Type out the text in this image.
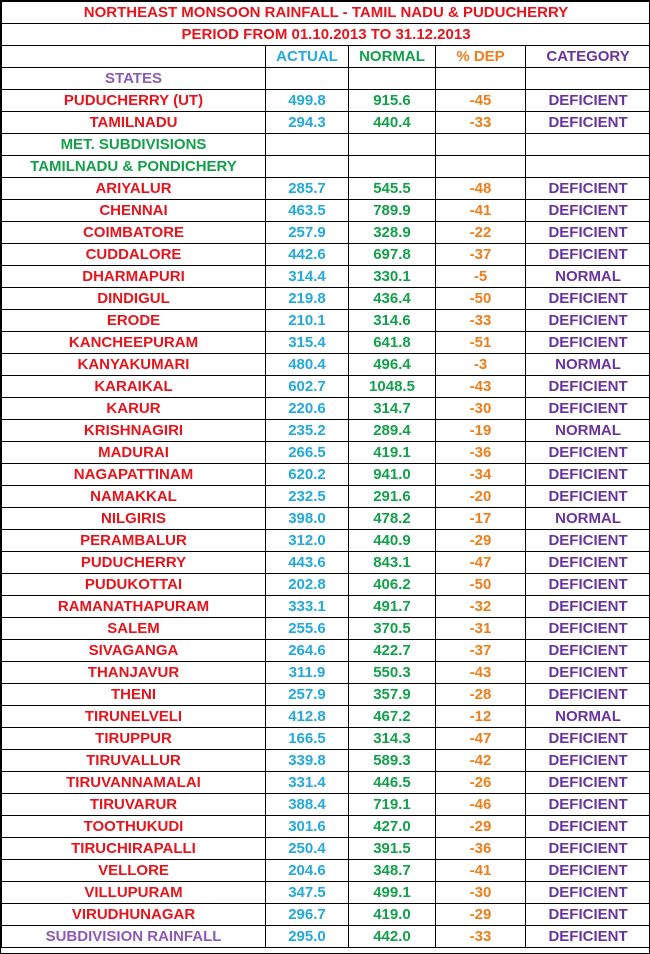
NORTHEAST MONSOON RAINFALL - TAMIL NADU & PUDUCHERRY				
PERIOD FROM 01.10.2013 TO 31.12.2013				
	ACTUAL	NORMAL	% DEP	CATEGORY
STATES				
PUDUCHERRY (UT)	499.8	915.6	-45	DEFICIENT
TAMILNADU	294.3	440.4	-33	DEFICIENT
MET. SUBDIVISIONS				
TAMILNADU & PONDICHERY				
ARIYALUR	285.7	545.5	-48	DEFICIENT
CHENNAI	463.5	789.9	-41	DEFICIENT
COIMBATORE	257.9	328.9	-22	DEFICIENT
CUDDALORE	442.6	697.8	-37	DEFICIENT
DHARMAPURI	314.4	330.1	-5	NORMAL
DINDIGUL	219.8	436.4	-50	DEFICIENT
ERODE	210.1	314.6	-33	DEFICIENT
KANCHEEPURAM	315.4	641.8	-51	DEFICIENT
KANYAKUMARI	480.4	496.4	-3	NORMAL
KARAIKAL	602.7	1048.5	-43	DEFICIENT
KARUR	220.6	314.7	-30	DEFICIENT
KRISHNAGIRI	235.2	289.4	-19	NORMAL
MADURAI	266.5	419.1	-36	DEFICIENT
NAGAPATTINAM	620.2	941.0	-34	DEFICIENT
NAMAKKAL	232.5	291.6	-20	DEFICIENT
NILGIRIS	398.0	478.2	-17	NORMAL
PERAMBALUR	312.0	440.9	-29	DEFICIENT
PUDUCHERRY	443.6	843.1	-47	DEFICIENT
PUDUKOTTAI	202.8	406.2	-50	DEFICIENT
RAMANATHAPURAM	333.1	491.7	-32	DEFICIENT
SALEM	255.6	370.5	-31	DEFICIENT
SIVAGANGA	264.6	422.7	-37	DEFICIENT
THANJAVUR	311.9	550.3	-43	DEFICIENT
THENI	257.9	357.9	-28	DEFICIENT
TIRUNELVELI	412.8	467.2	-12	NORMAL
TIRUPPUR	166.5	314.3	-47	DEFICIENT
TIRUVALLUR	339.8	589.3	-42	DEFICIENT
TIRUVANNAMALAI	331.4	446.5	-26	DEFICIENT
TIRUVARUR	388.4	719.1	-46	DEFICIENT
TOOTHUKUDI	301.6	427.0	-29	DEFICIENT
TIRUCHIRAPALLI	250.4	391.5	-36	DEFICIENT
VELLORE	204.6	348.7	-41	DEFICIENT
VILLUPURAM	347.5	499.1	-30	DEFICIENT
VIRUDHUNAGAR	296.7	419.0	-29	DEFICIENT
SUBDIVISION RAINFALL	295.0	442.0	-33	DEFICIENT
